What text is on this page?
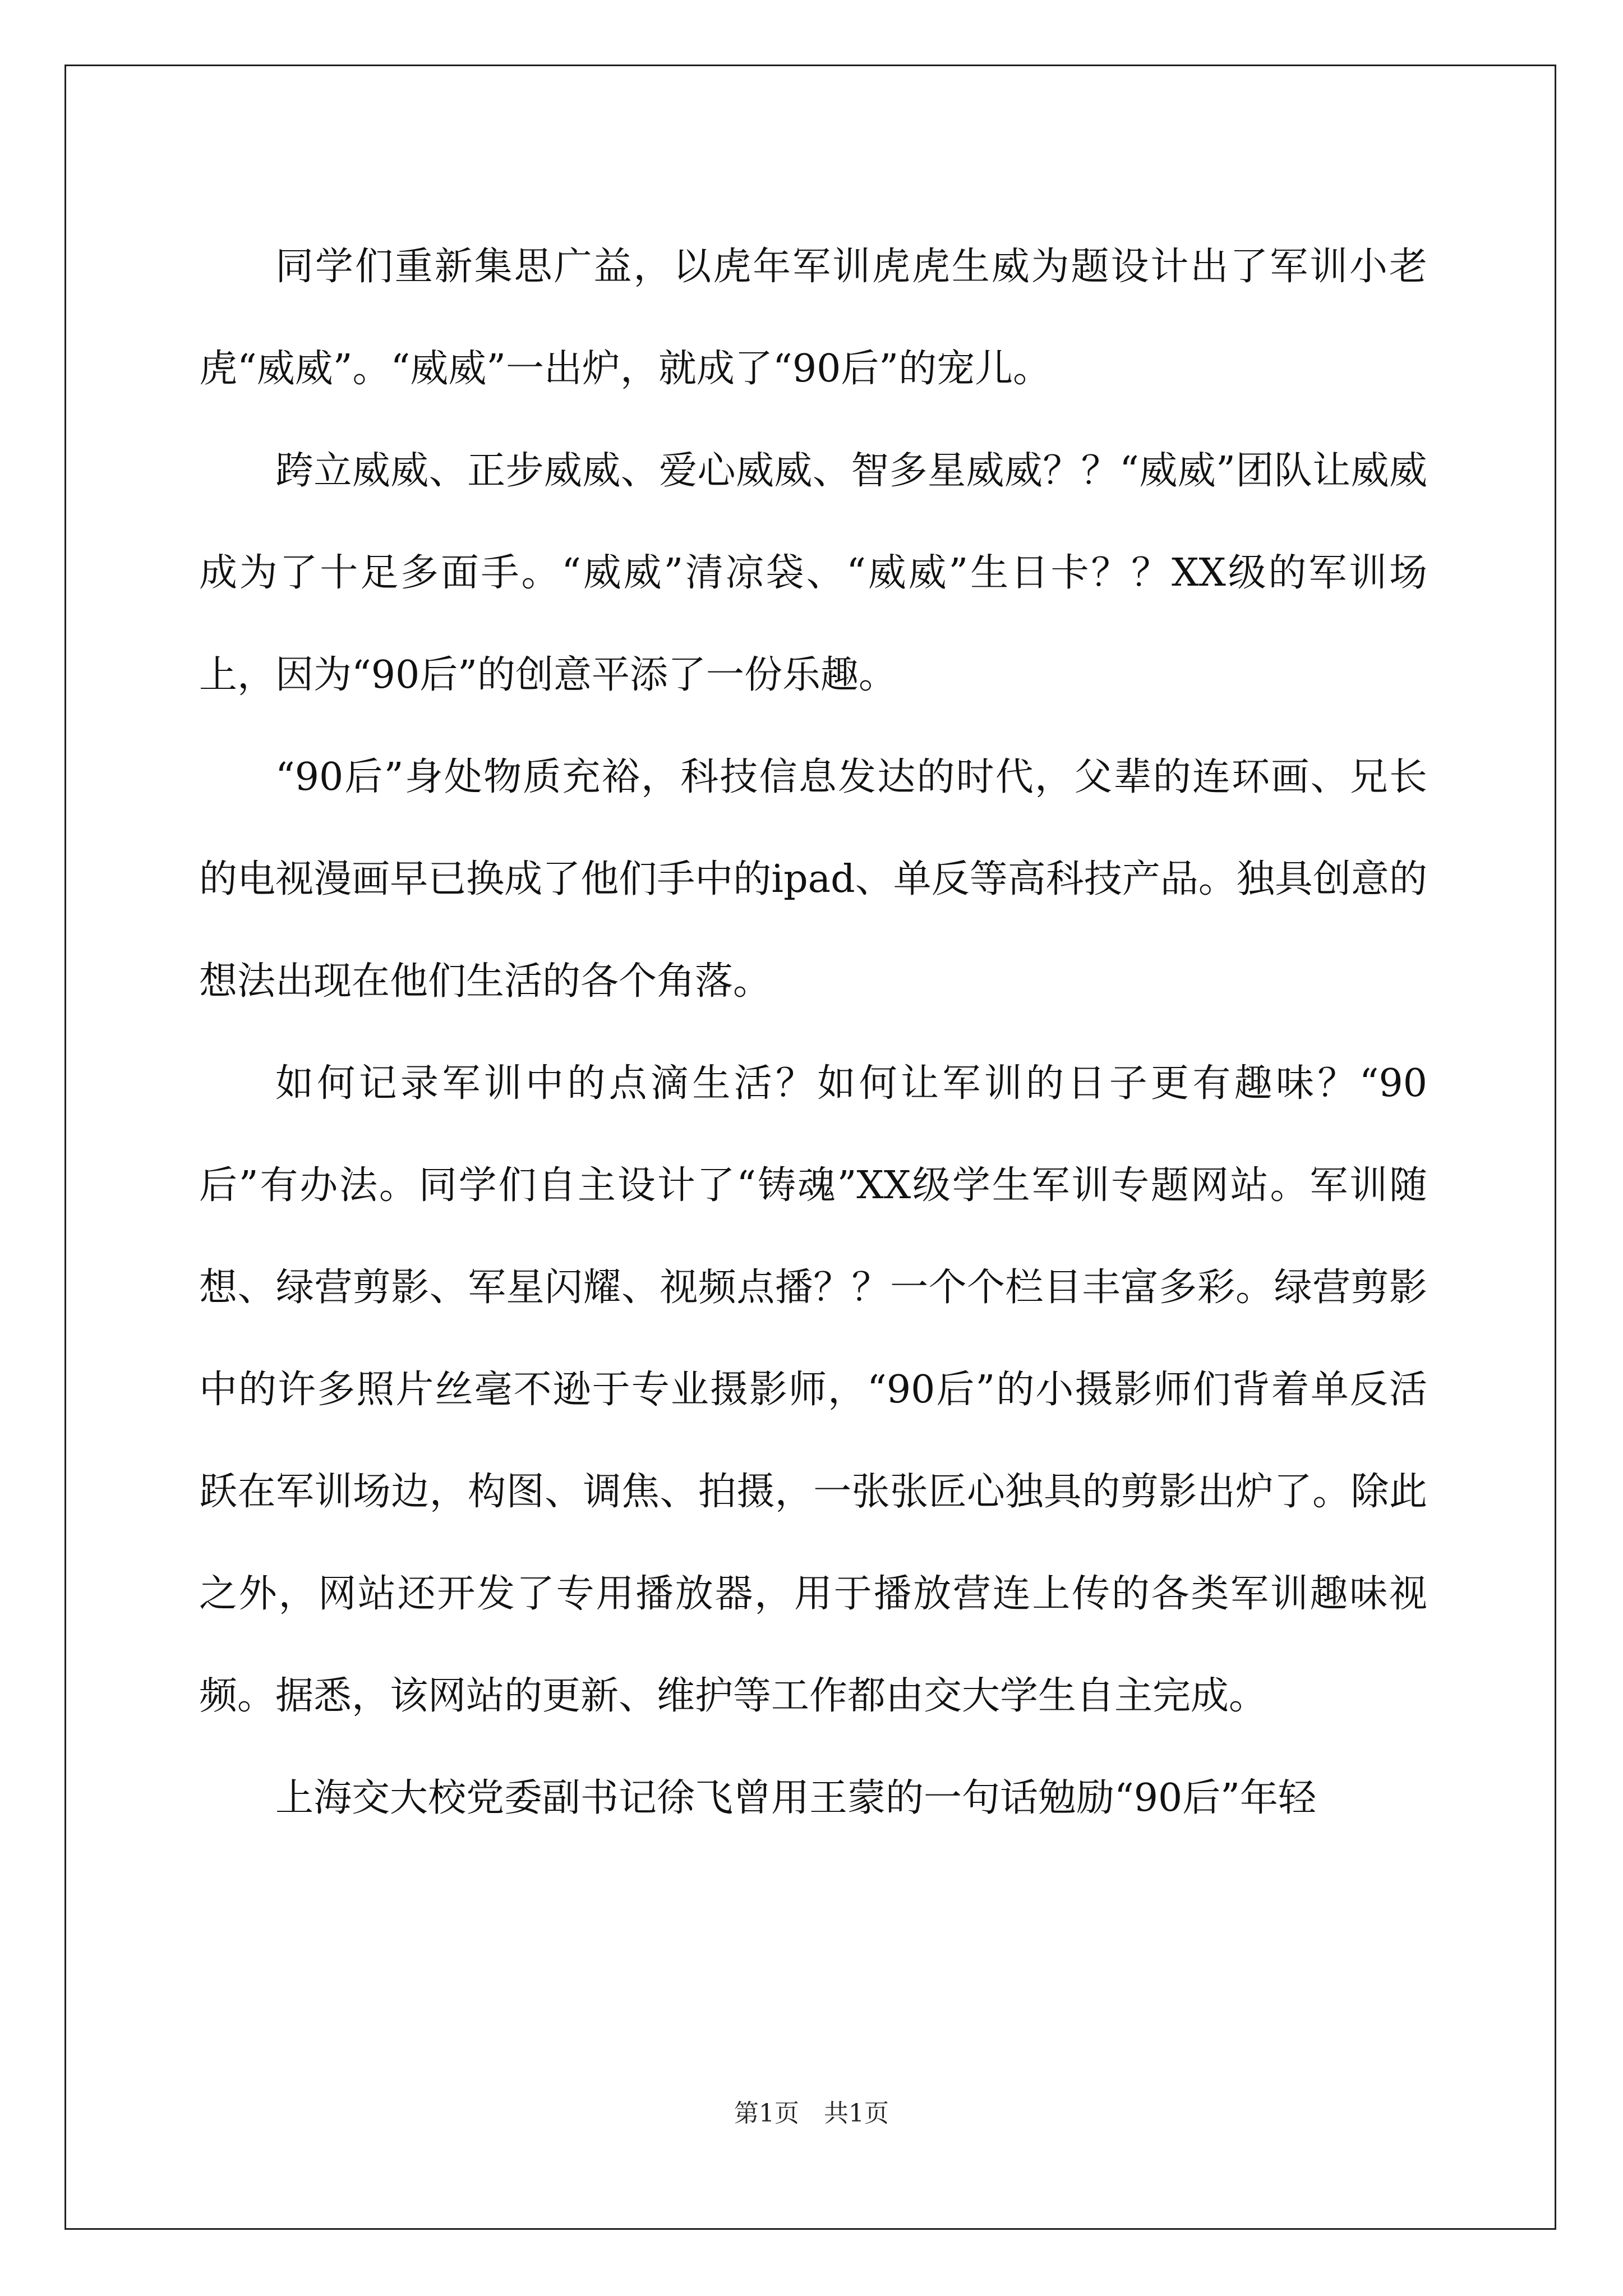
同学们重新集思广益，以虎年军训虎虎生威为题设计出了军训小老虎“威威”。“威威”一出炉，就成了“90后”的宠儿。

跨立威威、正步威威、爱心威威、智多星威威？？“威威”团队让威威成为了十足多面手。“威威”清凉袋、“威威”生日卡？？XX级的军训场上，因为“90后”的创意平添了一份乐趣。

“90后”身处物质充裕，科技信息发达的时代，父辈的连环画、兄长的电视漫画早已换成了他们手中的ipad、单反等高科技产品。独具创意的想法出现在他们生活的各个角落。

如何记录军训中的点滴生活？如何让军训的日子更有趣味？“90后”有办法。同学们自主设计了“铸魂”XX级学生军训专题网站。军训随想、绿营剪影、军星闪耀、视频点播？？一个个栏目丰富多彩。绿营剪影中的许多照片丝毫不逊于专业摄影师，“90后”的小摄影师们背着单反活跃在军训场边，构图、调焦、拍摄，一张张匠心独具的剪影出炉了。除此之外，网站还开发了专用播放器，用于播放营连上传的各类军训趣味视频。据悉，该网站的更新、维护等工作都由交大学生自主完成。

上海交大校党委副书记徐飞曾用王蒙的一句话勉励“90后”年轻

第1页　共1页
